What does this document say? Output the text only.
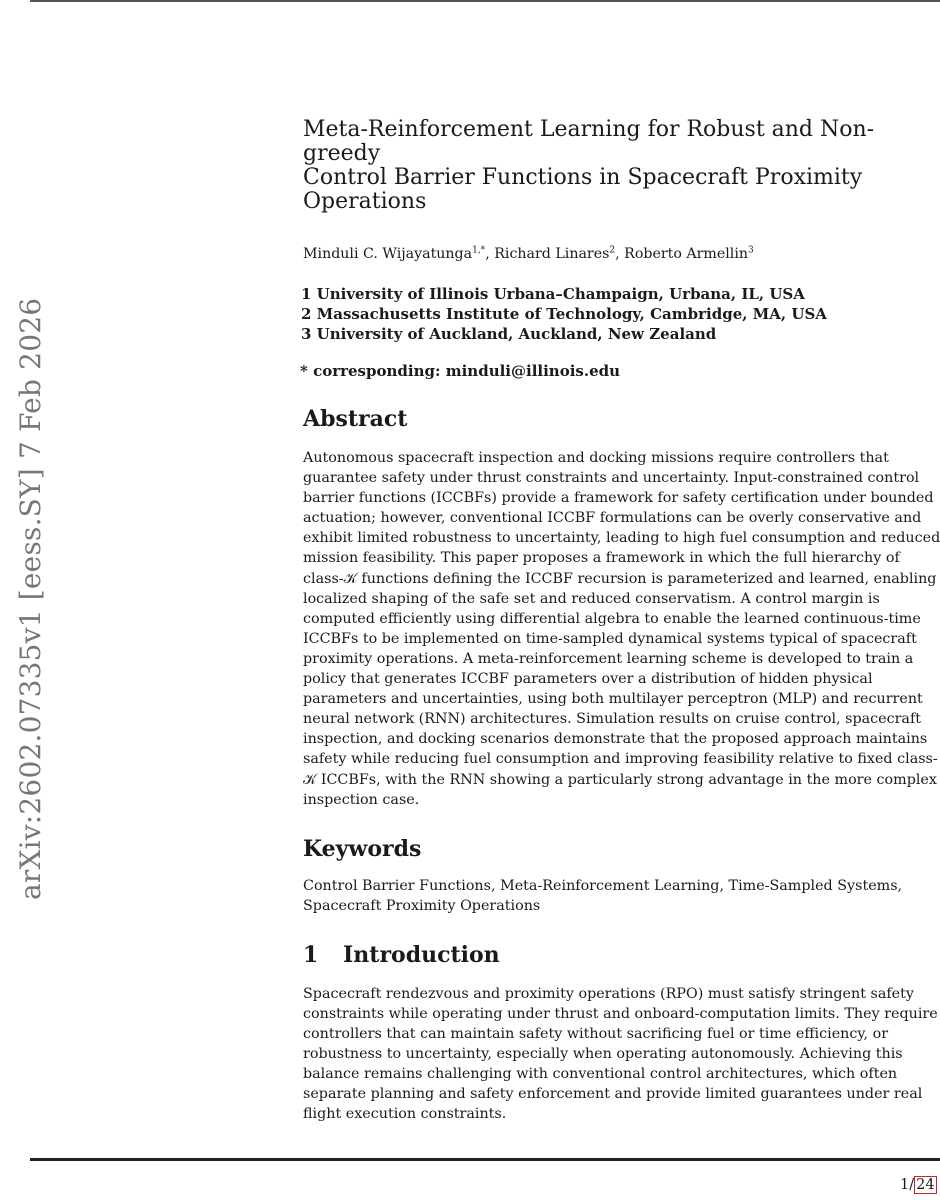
arXiv:2602.07335v1 [eess.SY] 7 Feb 2026
Meta-Reinforcement Learning for Robust and Non-greedy
Control Barrier Functions in Spacecraft Proximity Operations
Minduli C. Wijayatunga$^{1,*}$, Richard Linares$^2$, Roberto Armellin$^3$
1 University of Illinois Urbana–Champaign, Urbana, IL, USA
2 Massachusetts Institute of Technology, Cambridge, MA, USA
3 University of Auckland, Auckland, New Zealand
* corresponding: minduli@illinois.edu
Abstract

Autonomous spacecraft inspection and docking missions require controllers that guarantee safety under thrust constraints and uncertainty. Input-constrained control barrier functions (ICCBFs) provide a framework for safety certification under bounded actuation; however, conventional ICCBF formulations can be overly conservative and exhibit limited robustness to uncertainty, leading to high fuel consumption and reduced mission feasibility. This paper proposes a framework in which the full hierarchy of class-𝒦 functions defining the ICCBF recursion is parameterized and learned, enabling localized shaping of the safe set and reduced conservatism. A control margin is computed efficiently using differential algebra to enable the learned continuous-time ICCBFs to be implemented on time-sampled dynamical systems typical of spacecraft proximity operations. A meta-reinforcement learning scheme is developed to train a policy that generates ICCBF parameters over a distribution of hidden physical parameters and uncertainties, using both multilayer perceptron (MLP) and recurrent neural network (RNN) architectures. Simulation results on cruise control, spacecraft inspection, and docking scenarios demonstrate that the proposed approach maintains safety while reducing fuel consumption and improving feasibility relative to fixed class-𝒦 ICCBFs, with the RNN showing a particularly strong advantage in the more complex inspection case.

Keywords

Control Barrier Functions, Meta-Reinforcement Learning, Time-Sampled Systems, Spacecraft Proximity Operations

1 Introduction

Spacecraft rendezvous and proximity operations (RPO) must satisfy stringent safety constraints while operating under thrust and onboard-computation limits. They require controllers that can maintain safety without sacrificing fuel or time efficiency, or robustness to uncertainty, especially when operating autonomously. Achieving this balance remains challenging with conventional control architectures, which often separate planning and safety enforcement and provide limited guarantees under real flight execution constraints.

1/ 24
